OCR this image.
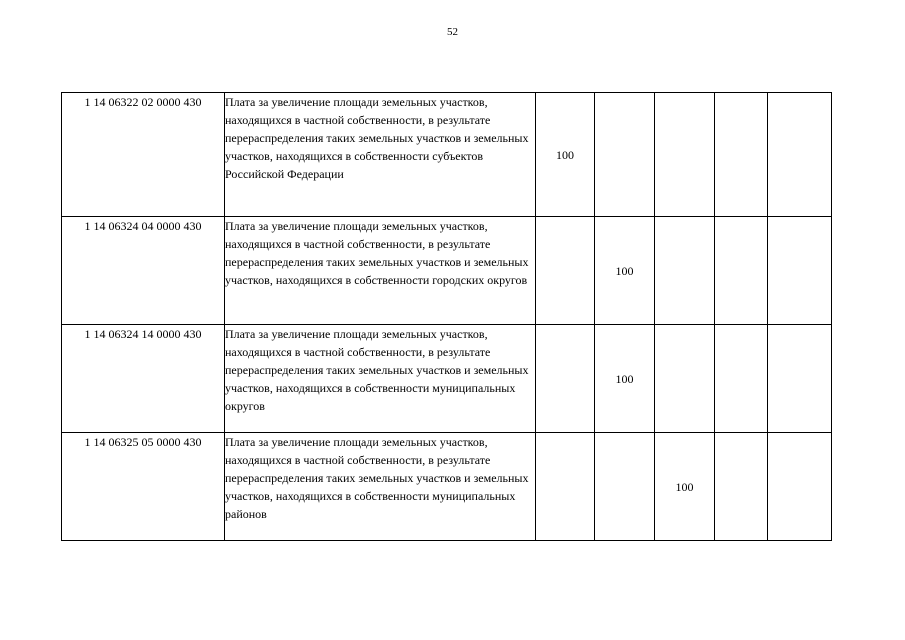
52
1 14 06322 02 0000 430	Плата за увеличение площади земельных участков, находящихся в частной собственности, в результате перераспределения таких земельных участков и земельных участков, находящихся в собственности субъектов Российской Федерации	100				
1 14 06324 04 0000 430	Плата за увеличение площади земельных участков, находящихся в частной собственности, в результате перераспределения таких земельных участков и земельных участков, находящихся в собственности городских округов		100			
1 14 06324 14 0000 430	Плата за увеличение площади земельных участков, находящихся в частной собственности, в результате перераспределения таких земельных участков и земельных участков, находящихся в собственности муниципальных округов		100			
1 14 06325 05 0000 430	Плата за увеличение площади земельных участков, находящихся в частной собственности, в результате перераспределения таких земельных участков и земельных участков, находящихся в собственности муниципальных районов			100		
